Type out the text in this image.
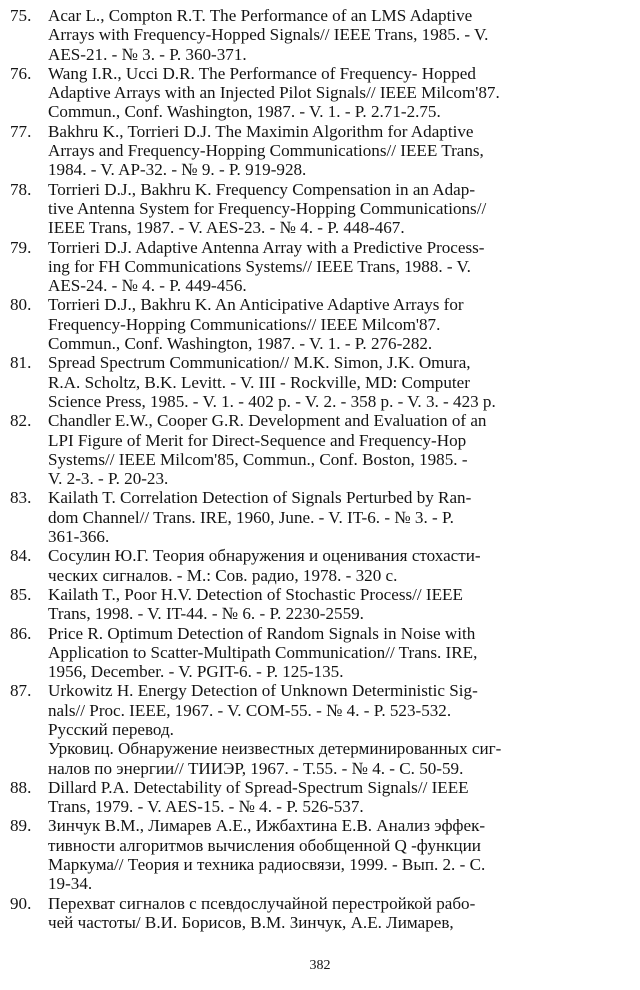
75. Acar L., Compton R.T. The Performance of an LMS Adaptive
Arrays with Frequency-Hopped Signals// IEEE Trans, 1985. - V.
AES-21. - № 3. - P. 360-371.
76. Wang I.R., Ucci D.R. The Performance of Frequency- Hopped
Adaptive Arrays with an Injected Pilot Signals// IEEE Milcom'87.
Commun., Conf. Washington, 1987. - V. 1. - P. 2.71-2.75.
77. Bakhru K., Torrieri D.J. The Maximin Algorithm for Adaptive
Arrays and Frequency-Hopping Communications// IEEE Trans,
1984. - V. AP-32. - № 9. - P. 919-928.
78. Torrieri D.J., Bakhru K. Frequency Compensation in an Adap-
tive Antenna System for Frequency-Hopping Communications//
IEEE Trans, 1987. - V. AES-23. - № 4. - P. 448-467.
79. Torrieri D.J. Adaptive Antenna Array with a Predictive Process-
ing for FH Communications Systems// IEEE Trans, 1988. - V.
AES-24. - № 4. - P. 449-456.
80. Torrieri D.J., Bakhru K. An Anticipative Adaptive Arrays for
Frequency-Hopping Communications// IEEE Milcom'87.
Commun., Conf. Washington, 1987. - V. 1. - P. 276-282.
81. Spread Spectrum Communication// M.K. Simon, J.K. Omura,
R.A. Scholtz, B.K. Levitt. - V. III - Rockville, MD: Computer
Science Press, 1985. - V. 1. - 402 p. - V. 2. - 358 p. - V. 3. - 423 p.
82. Chandler E.W., Cooper G.R. Development and Evaluation of an
LPI Figure of Merit for Direct-Sequence and Frequency-Hop
Systems// IEEE Milcom'85, Commun., Conf. Boston, 1985. -
V. 2-3. - P. 20-23.
83. Kailath T. Correlation Detection of Signals Perturbed by Ran-
dom Channel// Trans. IRE, 1960, June. - V. IT-6. - № 3. - P.
361-366.
84. Сосулин Ю.Г. Теория обнаружения и оценивания стохасти-
ческих сигналов. - М.: Сов. радио, 1978. - 320 с.
85. Kailath T., Poor H.V. Detection of Stochastic Process// IEEE
Trans, 1998. - V. IT-44. - № 6. - P. 2230-2559.
86. Price R. Optimum Detection of Random Signals in Noise with
Application to Scatter-Multipath Communication// Trans. IRE,
1956, December. - V. PGIT-6. - P. 125-135.
87. Urkowitz H. Energy Detection of Unknown Deterministic Sig-
nals// Proc. IEEE, 1967. - V. COM-55. - № 4. - P. 523-532.
Русский перевод.
Урковиц. Обнаружение неизвестных детерминированных сиг-
налов по энергии// ТИИЭР, 1967. - Т.55. - № 4. - С. 50-59.
88. Dillard P.A. Detectability of Spread-Spectrum Signals// IEEE
Trans, 1979. - V. AES-15. - № 4. - P. 526-537.
89. Зинчук В.М., Лимарев А.Е., Ижбахтина Е.В. Анализ эффек-
тивности алгоритмов вычисления обобщенной Q -функции
Маркума// Теория и техника радиосвязи, 1999. - Вып. 2. - С.
19-34.
90. Перехват сигналов с псевдослучайной перестройкой рабо-
чей частоты/ В.И. Борисов, В.М. Зинчук, А.Е. Лимарев,
382
